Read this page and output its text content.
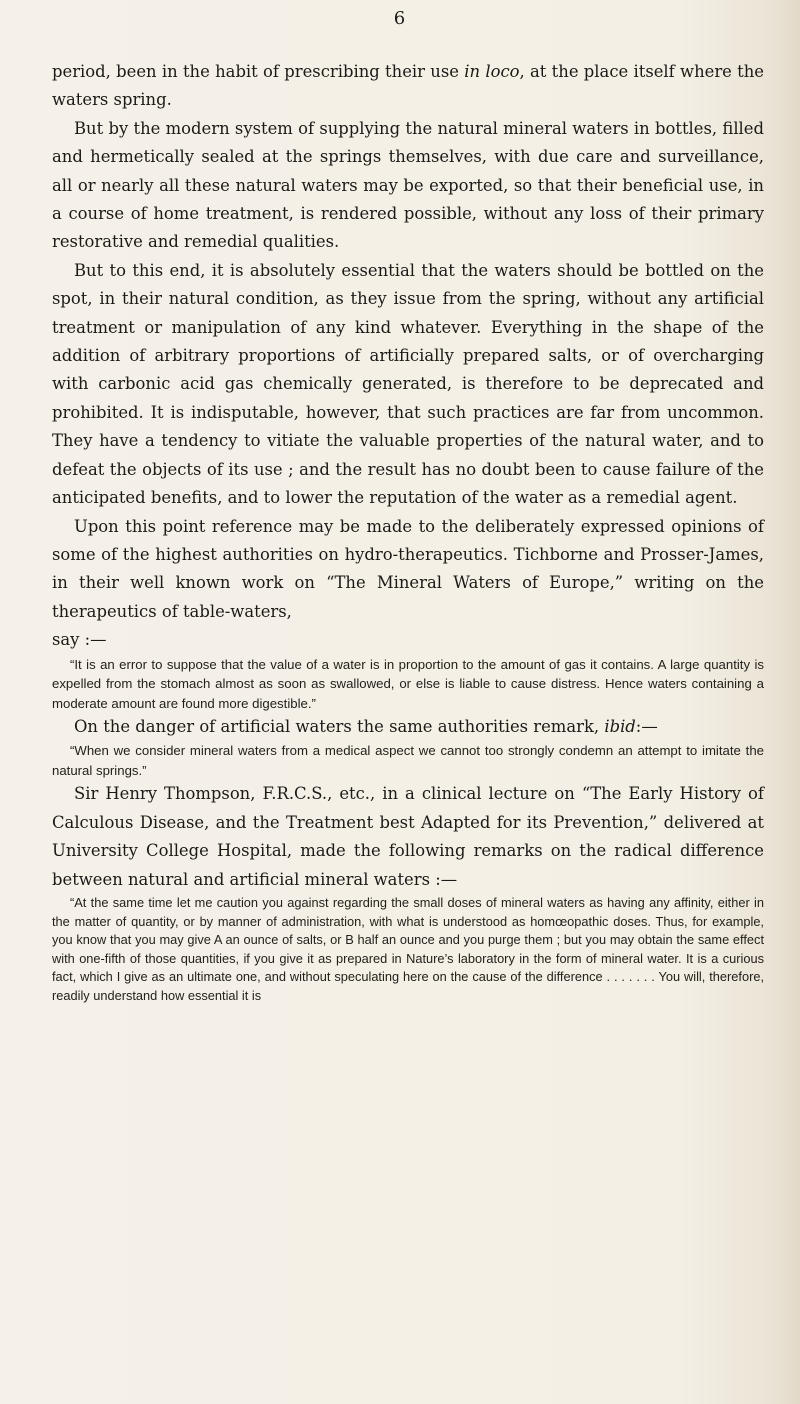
6

period, been in the habit of prescribing their use in loco, at the place itself where the waters spring.

But by the modern system of supplying the natural mineral waters in bottles, filled and hermetically sealed at the springs themselves, with due care and surveillance, all or nearly all these natural waters may be exported, so that their beneficial use, in a course of home treatment, is rendered possible, without any loss of their primary restorative and remedial qualities.

But to this end, it is absolutely essential that the waters should be bottled on the spot, in their natural condition, as they issue from the spring, without any artificial treatment or manipulation of any kind whatever. Everything in the shape of the addition of arbitrary proportions of artificially prepared salts, or of overcharging with carbonic acid gas chemically generated, is therefore to be deprecated and prohibited. It is indisputable, however, that such practices are far from uncommon. They have a tendency to vitiate the valuable properties of the natural water, and to defeat the objects of its use ; and the result has no doubt been to cause failure of the anticipated benefits, and to lower the reputation of the water as a remedial agent.

Upon this point reference may be made to the deliberately expressed opinions of some of the highest authorities on hydro-therapeutics. Tichborne and Prosser-James, in their well known work on “The Mineral Waters of Europe,” writing on the therapeutics of table-waters,

say :—

“It is an error to suppose that the value of a water is in proportion to the amount of gas it contains. A large quantity is expelled from the stomach almost as soon as swallowed, or else is liable to cause distress. Hence waters containing a moderate amount are found more digestible.”

On the danger of artificial waters the same authorities remark, ibid:—

“When we consider mineral waters from a medical aspect we cannot too strongly condemn an attempt to imitate the natural springs.”

Sir Henry Thompson, F.R.C.S., etc., in a clinical lecture on “The Early History of Calculous Disease, and the Treatment best Adapted for its Prevention,” delivered at University College Hospital, made the following remarks on the radical difference between natural and artificial mineral waters :—

“At the same time let me caution you against regarding the small doses of mineral waters as having any affinity, either in the matter of quantity, or by manner of administration, with what is understood as homœopathic doses. Thus, for example, you know that you may give A an ounce of salts, or B half an ounce and you purge them ; but you may obtain the same effect with one-fifth of those quantities, if you give it as prepared in Nature’s laboratory in the form of mineral water. It is a curious fact, which I give as an ultimate one, and without speculating here on the cause of the difference . . . . . . . You will, therefore, readily understand how essential it is
